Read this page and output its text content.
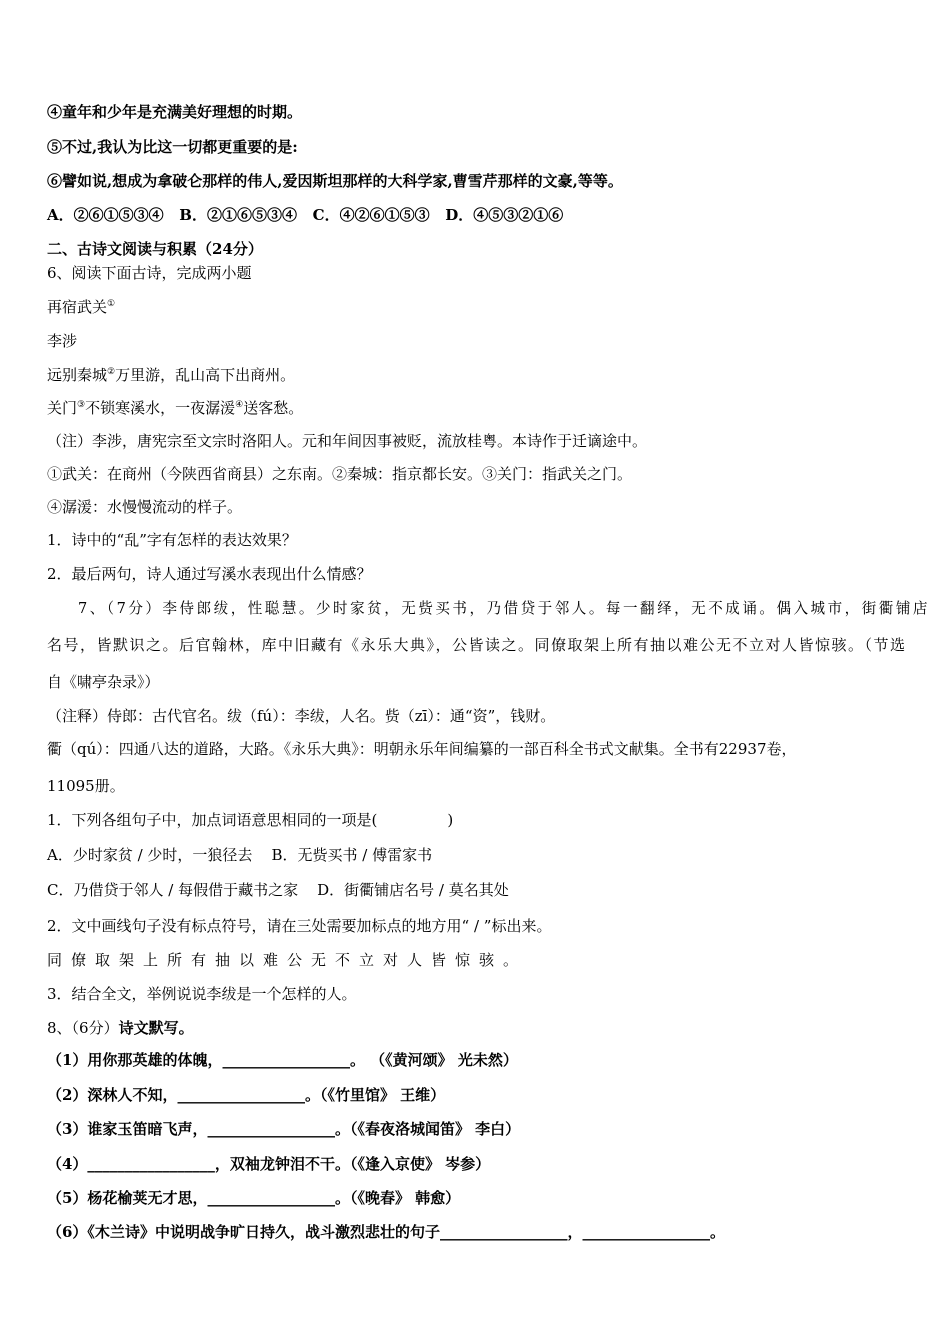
④童年和少年是充满美好理想的时期。
⑤不过,我认为比这一切都更重要的是:
⑥譬如说,想成为拿破仑那样的伟人,爱因斯坦那样的大科学家,曹雪芹那样的文豪,等等。
A．②⑥①⑤③④   B．②①⑥⑤③④   C．④②⑥①⑤③   D．④⑤③②①⑥
二、古诗文阅读与积累（24分）
6、阅读下面古诗，完成两小题
再宿武关①
李涉
远别秦城②万里游，乱山高下出商州。
关门③不锁寒溪水，一夜潺湲④送客愁。
（注）李涉，唐宪宗至文宗时洛阳人。元和年间因事被贬，流放桂粤。本诗作于迁谪途中。
①武关：在商州（今陕西省商县）之东南。②秦城：指京都长安。③关门：指武关之门。
④潺湲：水慢慢流动的样子。
1．诗中的“乱”字有怎样的表达效果？
2．最后两句，诗人通过写溪水表现出什么情感？
7、（7分）李侍郎绂，性聪慧。少时家贫，无赀买书，乃借贷于邻人。每一翻绎，无不成诵。偶入城市，街衢铺店
名号，皆默识之。后官翰林，库中旧藏有《永乐大典》，公皆读之。同僚取架上所有抽以难公无不立对人皆惊骇。（节选
自《啸亭杂录》）
（注释）侍郎：古代官名。绂（fú）：李绂，人名。赀（zī）：通“资”，钱财。
衢（qú）：四通八达的道路，大路。《永乐大典》：明朝永乐年间编纂的一部百科全书式文献集。全书有22937卷，
11095册。
1．下列各组句子中，加点词语意思相同的一项是(	)
A．少时家贫 / 少时，一狼径去    B．无赀买书 / 傅雷家书
C．乃借贷于邻人 / 每假借于藏书之家    D．街衢铺店名号 / 莫名其处
2．文中画线句子没有标点符号，请在三处需要加标点的地方用“ / ”标出来。
同僚取架上所有抽以难公无不立对人皆惊骇。
3．结合全文，举例说说李绂是一个怎样的人。
8、（6分）诗文默写。
（1）用你那英雄的体魄，_________________。 （《黄河颂》 光未然）
（2）深林人不知，_________________。（《竹里馆》 王维）
（3）谁家玉笛暗飞声，_________________。（《春夜洛城闻笛》 李白）
（4）_________________，双袖龙钟泪不干。（《逢入京使》 岑参）
（5）杨花榆荚无才思，_________________。（《晚春》 韩愈）
（6）《木兰诗》中说明战争旷日持久，战斗激烈悲壮的句子_________________，_________________。
